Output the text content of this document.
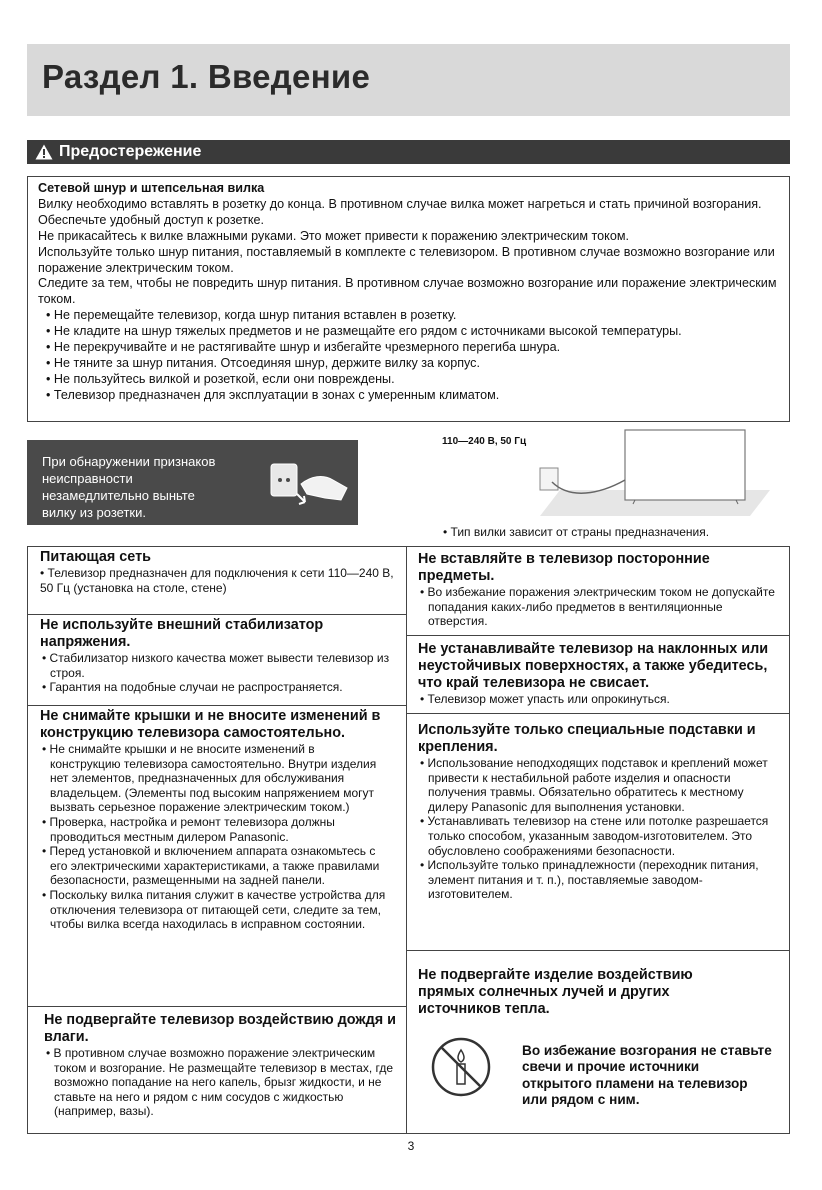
Раздел 1. Введение
Предостережение

Сетевой шнур и штепсельная вилка

Вилку необходимо вставлять в розетку до конца. В противном случае вилка может нагреться и стать причиной возгорания.

Обеспечьте удобный доступ к розетке.

Не прикасайтесь к вилке влажными руками. Это может привести к поражению электрическим током.

Используйте только шнур питания, поставляемый в комплекте с телевизором. В противном случае возможно возгорание или поражение электрическим током.

Следите за тем, чтобы не повредить шнур питания. В противном случае возможно возгорание или поражение электрическим током.

• Не перемещайте телевизор, когда шнур питания вставлен в розетку.

• Не кладите на шнур тяжелых предметов и не размещайте его рядом с источниками высокой температуры.

• Не перекручивайте и не растягивайте шнур и избегайте чрезмерного перегиба шнура.

• Не тяните за шнур питания. Отсоединяя шнур, держите вилку за корпус.

• Не пользуйтесь вилкой и розеткой, если они повреждены.

• Телевизор предназначен для эксплуатации в зонах с умеренным климатом.

При обнаружении признаков неисправности незамедлительно выньте вилку из розетки.
110—240 В, 50 Гц
• Тип вилки зависит от страны предназначения.

Питающая сеть

• Телевизор предназначен для подключения к сети 110—240 В, 50 Гц (установка на столе, стене)

Не используйте внешний стабилизатор напряжения.

• Стабилизатор низкого качества может вывести телевизор из строя.

• Гарантия на подобные случаи не распространяется.

Не снимайте крышки и не вносите изменений в конструкцию телевизора самостоятельно.

• Не снимайте крышки и не вносите изменений в конструкцию телевизора самостоятельно. Внутри изделия нет элементов, предназначенных для обслуживания владельцем. (Элементы под высоким напряжением могут вызвать серьезное поражение электрическим током.)

• Проверка, настройка и ремонт телевизора должны проводиться местным дилером Panasonic.

• Перед установкой и включением аппарата ознакомьтесь с его электрическими характеристиками, а также правилами безопасности, размещенными на задней панели.

• Поскольку вилка питания служит в качестве устройства для отключения телевизора от питающей сети, следите за тем, чтобы вилка всегда находилась в исправном состоянии.

Не подвергайте телевизор воздействию дождя и влаги.

• В противном случае возможно поражение электрическим током и возгорание. Не размещайте телевизор в местах, где возможно попадание на него капель, брызг жидкости, и не ставьте на него и рядом с ним сосудов с жидкостью (например, вазы).

Не вставляйте в телевизор посторонние предметы.

• Во избежание поражения электрическим током не допускайте попадания каких-либо предметов в вентиляционные отверстия.

Не устанавливайте телевизор на наклонных или неустойчивых поверхностях, а также убедитесь, что край телевизора не свисает.

• Телевизор может упасть или опрокинуться.

Используйте только специальные подставки и крепления.

• Использование неподходящих подставок и креплений может привести к нестабильной работе изделия и опасности получения травмы. Обязательно обратитесь к местному дилеру Panasonic для выполнения установки.

• Устанавливать телевизор на стене или потолке разрешается только способом, указанным заводом-изготовителем. Это обусловлено соображениями безопасности.

• Используйте только принадлежности (переходник питания, элемент питания и т. п.), поставляемые заводом-изготовителем.

Не подвергайте изделие воздействию прямых солнечных лучей и других источников тепла.

Во избежание возгорания не ставьте свечи и прочие источники открытого пламени на телевизор или рядом с ним.
3
